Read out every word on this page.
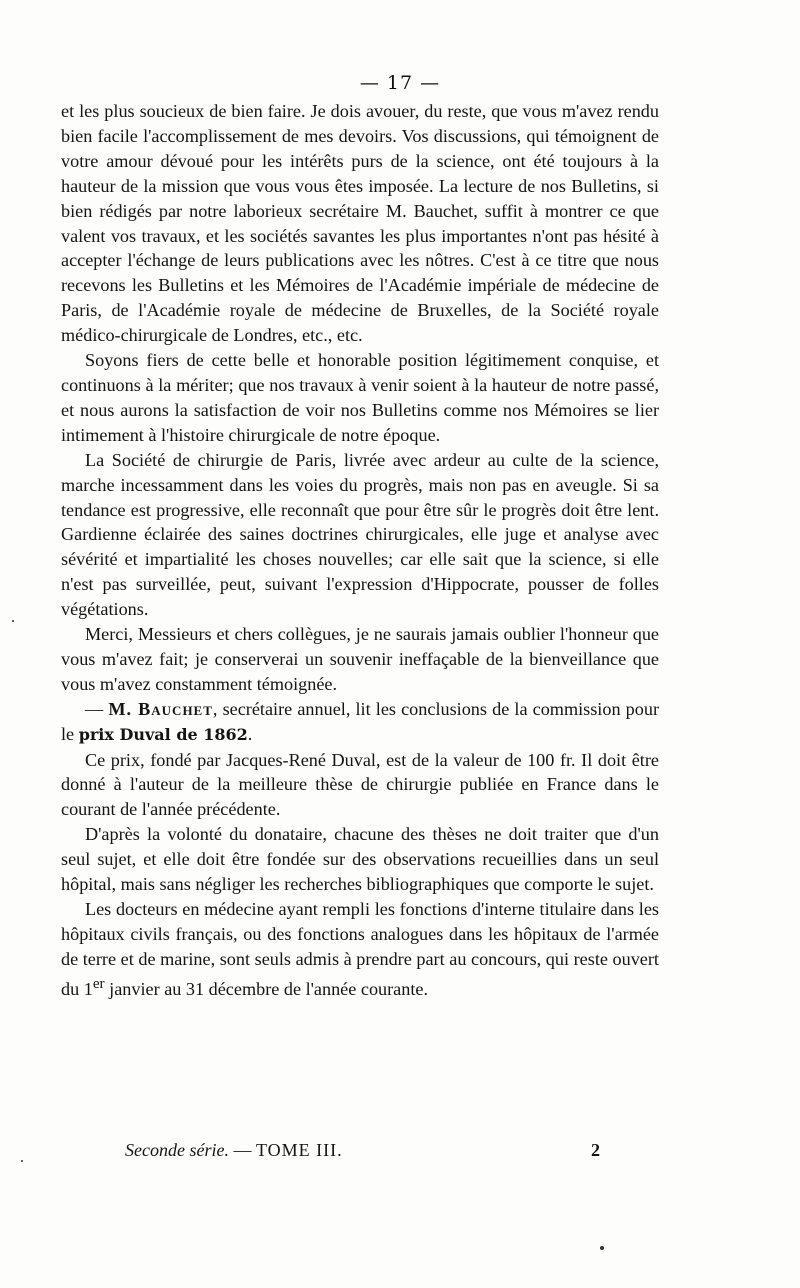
— 17 —

et les plus soucieux de bien faire. Je dois avouer, du reste, que vous m'avez rendu bien facile l'accomplissement de mes devoirs. Vos discussions, qui témoignent de votre amour dévoué pour les intérêts purs de la science, ont été toujours à la hauteur de la mission que vous vous êtes imposée. La lecture de nos Bulletins, si bien rédigés par notre laborieux secrétaire M. Bauchet, suffit à montrer ce que valent vos travaux, et les sociétés savantes les plus importantes n'ont pas hésité à accepter l'échange de leurs publications avec les nôtres. C'est à ce titre que nous recevons les Bulletins et les Mémoires de l'Académie impériale de médecine de Paris, de l'Académie royale de médecine de Bruxelles, de la Société royale médico-chirurgicale de Londres, etc., etc.

Soyons fiers de cette belle et honorable position légitimement conquise, et continuons à la mériter; que nos travaux à venir soient à la hauteur de notre passé, et nous aurons la satisfaction de voir nos Bulletins comme nos Mémoires se lier intimement à l'histoire chirurgicale de notre époque.

La Société de chirurgie de Paris, livrée avec ardeur au culte de la science, marche incessamment dans les voies du progrès, mais non pas en aveugle. Si sa tendance est progressive, elle reconnaît que pour être sûr le progrès doit être lent. Gardienne éclairée des saines doctrines chirurgicales, elle juge et analyse avec sévérité et impartialité les choses nouvelles; car elle sait que la science, si elle n'est pas surveillée, peut, suivant l'expression d'Hippocrate, pousser de folles végétations.

Merci, Messieurs et chers collègues, je ne saurais jamais oublier l'honneur que vous m'avez fait; je conserverai un souvenir ineffaçable de la bienveillance que vous m'avez constamment témoignée.

— M. Bauchet, secrétaire annuel, lit les conclusions de la commission pour le prix Duval de 1862.

Ce prix, fondé par Jacques-René Duval, est de la valeur de 100 fr. Il doit être donné à l'auteur de la meilleure thèse de chirurgie publiée en France dans le courant de l'année précédente.

D'après la volonté du donataire, chacune des thèses ne doit traiter que d'un seul sujet, et elle doit être fondée sur des observations recueillies dans un seul hôpital, mais sans négliger les recherches bibliographiques que comporte le sujet.

Les docteurs en médecine ayant rempli les fonctions d'interne titulaire dans les hôpitaux civils français, ou des fonctions analogues dans les hôpitaux de l'armée de terre et de marine, sont seuls admis à prendre part au concours, qui reste ouvert du 1er janvier au 31 décembre de l'année courante.

Seconde série. — TOME III.	2
